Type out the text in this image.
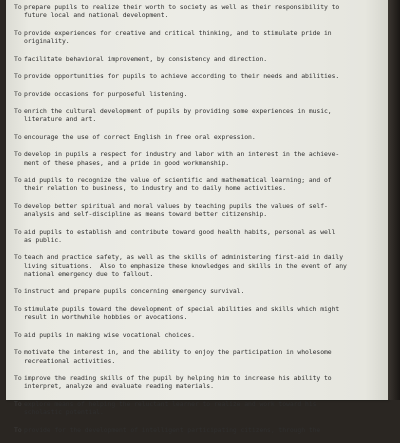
To prepare pupils to realize their worth to society as well as their responsibility to
future local and national development.
To provide experiences for creative and critical thinking, and to stimulate pride in
originality.
To facilitate behavioral improvement, by consistency and direction.
To provide opportunities for pupils to achieve according to their needs and abilities.
To provide occasions for purposeful listening.
To enrich the cultural development of pupils by providing some experiences in music,
literature and art.
To encourage the use of correct English in free oral expression.
To develop in pupils a respect for industry and labor with an interest in the achieve-
ment of these phases, and a pride in good workmanship.
To aid pupils to recognize the value of scientific and mathematical learning; and of
their relation to business, to industry and to daily home activities.
To develop better spiritual and moral values by teaching pupils the values of self-
analysis and self-discipline as means toward better citizenship.
To aid pupils to establish and contribute toward good health habits, personal as well
as public.
To teach and practice safety, as well as the skills of administering first-aid in daily
living situations.  Also to emphasize these knowledges and skills in the event of any
national emergency due to fallout.
To instruct and prepare pupils concerning emergency survival.
To stimulate pupils toward the development of special abilities and skills which might
result in worthwhile hobbies or avocations.
To aid pupils in making wise vocational choices.
To motivate the interest in, and the ability to enjoy the participation in wholesome
recreational activities.
To improve the reading skills of the pupil by helping him to increase his ability to
interpret, analyze and evaluate reading materials.
To explore means of helping the reluctant learner to realize and work toward his
scholastic potential.
To provide for the development of intelligent participating citizens, through the
